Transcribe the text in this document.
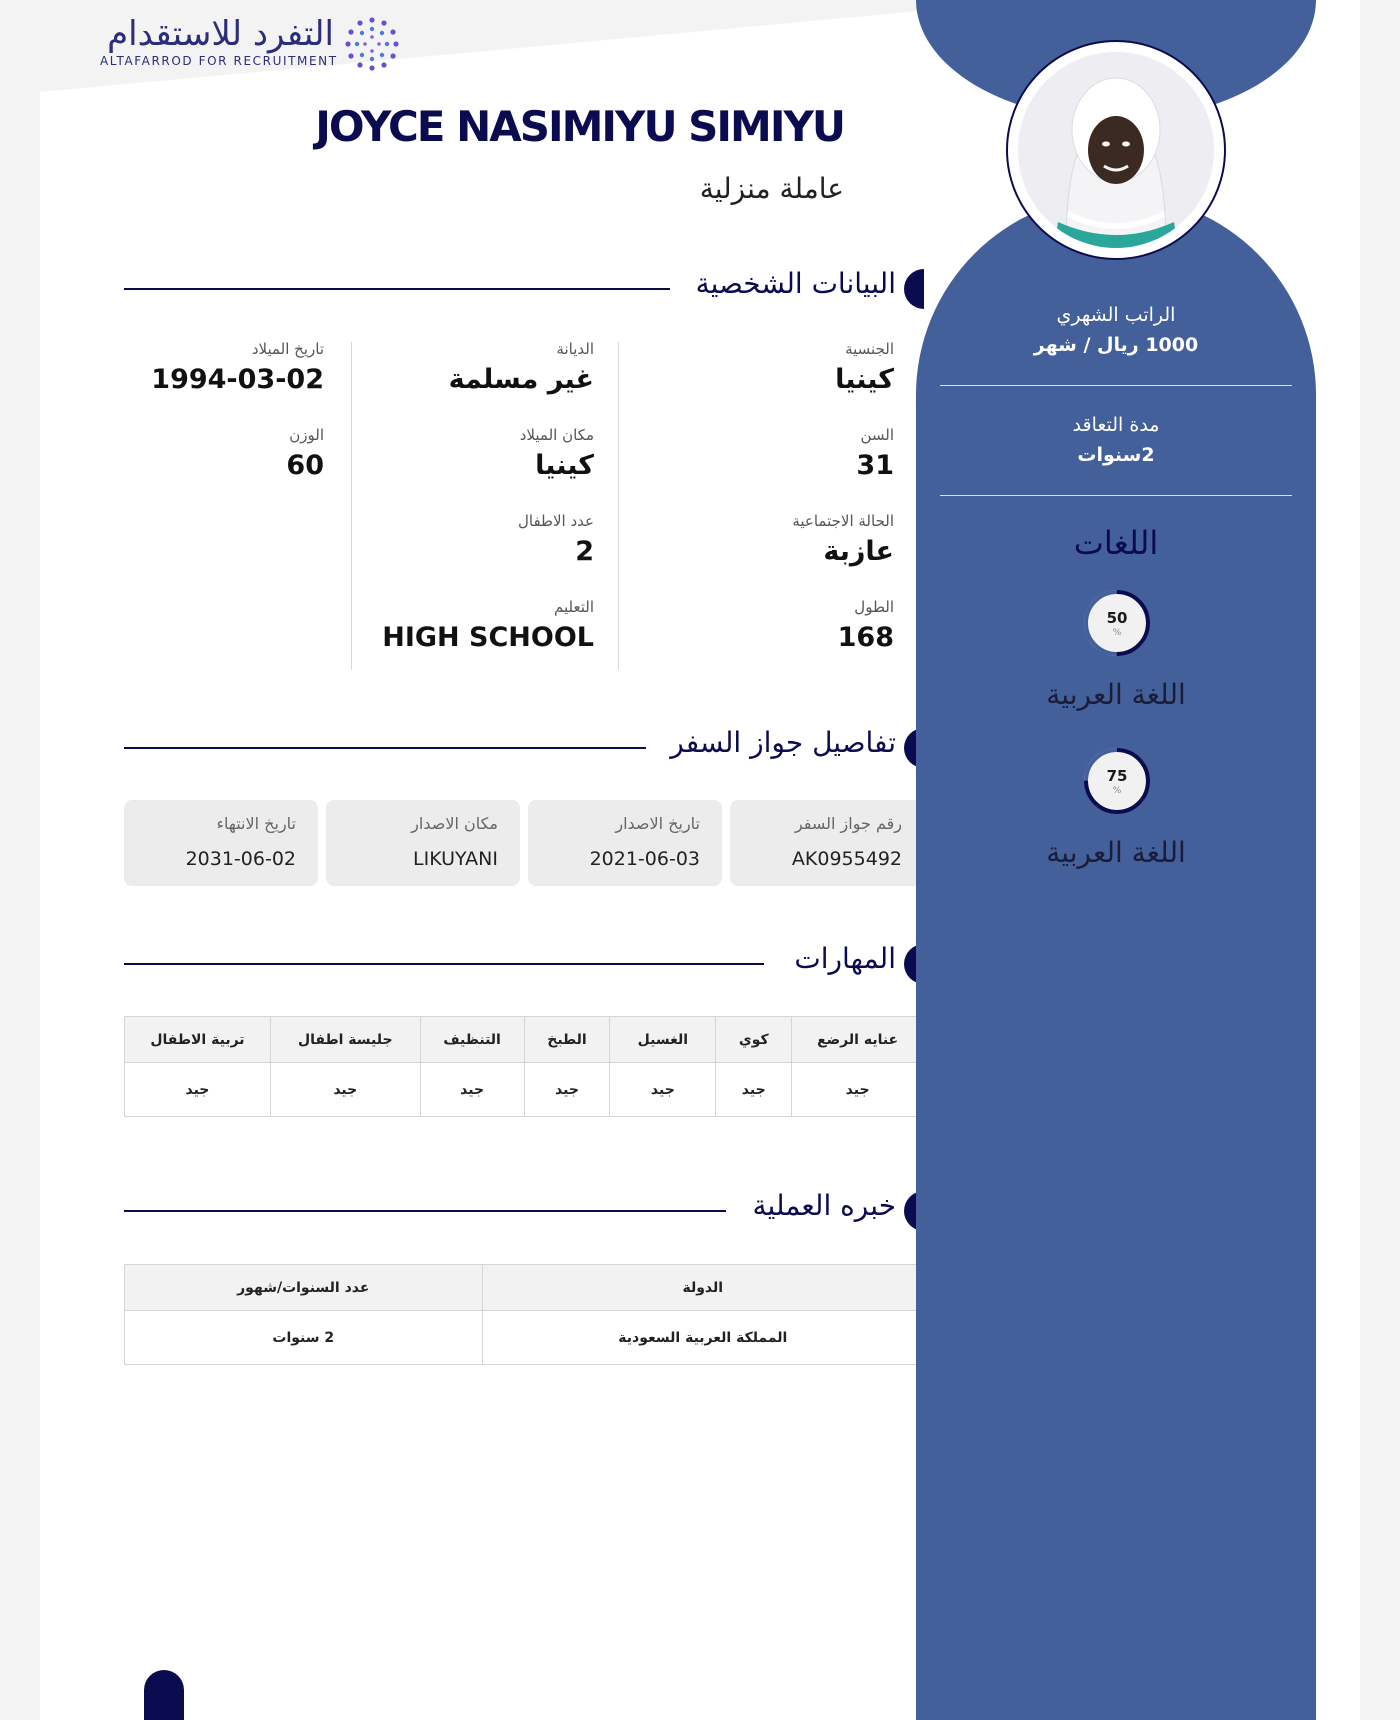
التفرد للاستقدام
ALTAFARROD FOR RECRUITMENT
JOYCE NASIMIYU SIMIYU
عاملة منزلية
البيانات الشخصية
الجنسية
كينيا
السن
31
الحالة الاجتماعية
عازبة
الطول
168
الديانة
غير مسلمة
مكان الميلاد
كينيا
عدد الاطفال
2
التعليم
HIGH SCHOOL
تاريخ الميلاد
1994-03-02
الوزن
60
تفاصيل جواز السفر
رقم جواز السفر
AK0955492
تاريخ الاصدار
2021-06-03
مكان الاصدار
LIKUYANI
تاريخ الانتهاء
2031-06-02
المهارات
عنايه الرضع	كوي	الغسيل	الطبخ	التنظيف	جليسة اطفال	تربية الاطفال
جيد	جيد	جيد	جيد	جيد	جيد	جيد
خبره العملية
الدولة	عدد السنوات/شهور
المملكة العربية السعودية	2 سنوات
الراتب الشهري
1000 ريال / شهر
مدة التعاقد
2سنوات
اللغات
50
%
اللغة العربية
75
%
اللغة العربية
